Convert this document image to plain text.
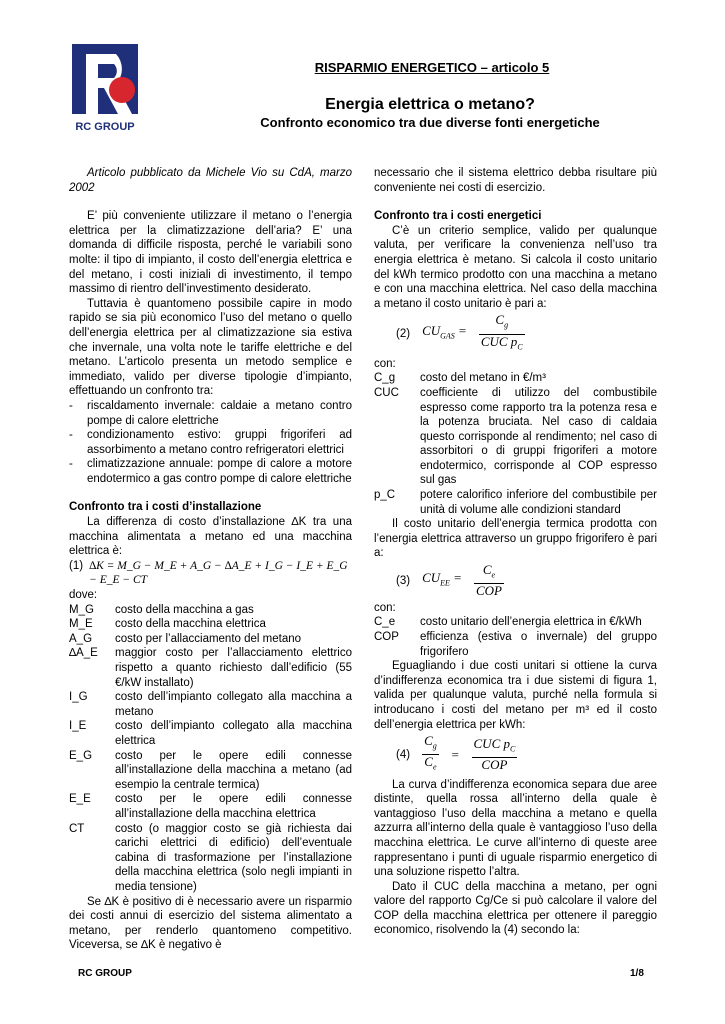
RC GROUP
RISPARMIO ENERGETICO – articolo 5
Energia elettrica o metano?
Confronto economico tra due diverse fonti energetiche

Articolo pubblicato da Michele Vio su CdA, marzo 2002

E’ più conveniente utilizzare il metano o l’energia elettrica per la climatizzazione dell’aria? E’ una domanda di difficile risposta, perché le variabili sono molte: il tipo di impianto, il costo dell’energia elettrica e del metano, i costi iniziali di investimento, il tempo massimo di rientro dell’investimento desiderato.

Tuttavia è quantomeno possibile capire in modo rapido se sia più economico l’uso del metano o quello dell’energia elettrica per al climatizzazione sia estiva che invernale, una volta note le tariffe elettriche e del metano. L’articolo presenta un metodo semplice e immediato, valido per diverse tipologie d’impianto, effettuando un confronto tra:

- riscaldamento invernale: caldaie a metano contro pompe di calore elettriche
- condizionamento estivo: gruppi frigoriferi ad assorbimento a metano contro refrigeratori elettrici
- climatizzazione annuale: pompe di calore a motore endotermico a gas contro pompe di calore elettriche

Confronto tra i costi d’installazione

La differenza di costo d’installazione ∆K tra una macchina alimentata a metano ed una macchina elettrica è:

(1) ∆K = M_G − M_E + A_G − ∆A_E + I_G − I_E + E_G − E_E − CT

dove:

M_G	costo della macchina a gas
M_E	costo della macchina elettrica
A_G	costo per l’allacciamento del metano
∆A_E	maggior costo per l’allacciamento elettrico rispetto a quanto richiesto dall’edificio (55 €/kW installato)
I_G	costo dell’impianto collegato alla macchina a metano
I_E	costo dell’impianto collegato alla macchina elettrica
E_G	costo per le opere edili connesse all’installazione della macchina a metano (ad esempio la centrale termica)
E_E	costo per le opere edili connesse all’installazione della macchina elettrica
CT	costo (o maggior costo se già richiesta dai carichi elettrici di edificio) dell’eventuale cabina di trasformazione per l’installazione della macchina elettrica (solo negli impianti in media tensione)

Se ∆K è positivo di è necessario avere un risparmio dei costi annui di esercizio del sistema alimentato a metano, per renderlo quantomeno competitivo. Viceversa, se ∆K è negativo è

necessario che il sistema elettrico debba risultare più conveniente nei costi di esercizio.

Confronto tra i costi energetici

C’è un criterio semplice, valido per qualunque valuta, per verificare la convenienza nell’uso tra energia elettrica è metano. Si calcola il costo unitario del kWh termico prodotto con una macchina a metano e con una macchina elettrica. Nel caso della macchina a metano il costo unitario è pari a:

(2) $CU_{GAS} = \frac{C_g}{CUC p_C}$

con:

C_g	costo del metano in €/m³
CUC	coefficiente di utilizzo del combustibile espresso come rapporto tra la potenza resa e la potenza bruciata. Nel caso di caldaia questo corrisponde al rendimento; nel caso di assorbitori o di gruppi frigoriferi a motore endotermico, corrisponde al COP espresso sul gas
p_C	potere calorifico inferiore del combustibile per unità di volume alle condizioni standard

Il costo unitario dell’energia termica prodotta con l’energia elettrica attraverso un gruppo frigorifero è pari a:

(3) $CU_{EE} = \frac{C_e}{\text{COP}}$

con:

C_e	costo unitario dell’energia elettrica in €/kWh
COP	efficienza (estiva o invernale) del gruppo frigorifero

Eguagliando i due costi unitari si ottiene la curva d’indifferenza economica tra i due sistemi di figura 1, valida per qualunque valuta, purché nella formula si introducano i costi del metano per m³ ed il costo dell’energia elettrica per kWh:

$(4) \frac{C_g}{C_e} = \frac{CUC p_C}{\text{COP}}$

La curva d’indifferenza economica separa due aree distinte, quella rossa all’interno della quale è vantaggioso l’uso della macchina a metano e quella azzurra all’interno della quale è vantaggioso l’uso della macchina elettrica. Le curve all’interno di queste aree rappresentano i punti di uguale risparmio energetico di una soluzione rispetto l’altra.

Dato il CUC della macchina a metano, per ogni valore del rapporto Cg/Ce si può calcolare il valore del COP della macchina elettrica per ottenere il pareggio economico, risolvendo la (4) secondo la:

RC GROUP	1/8
